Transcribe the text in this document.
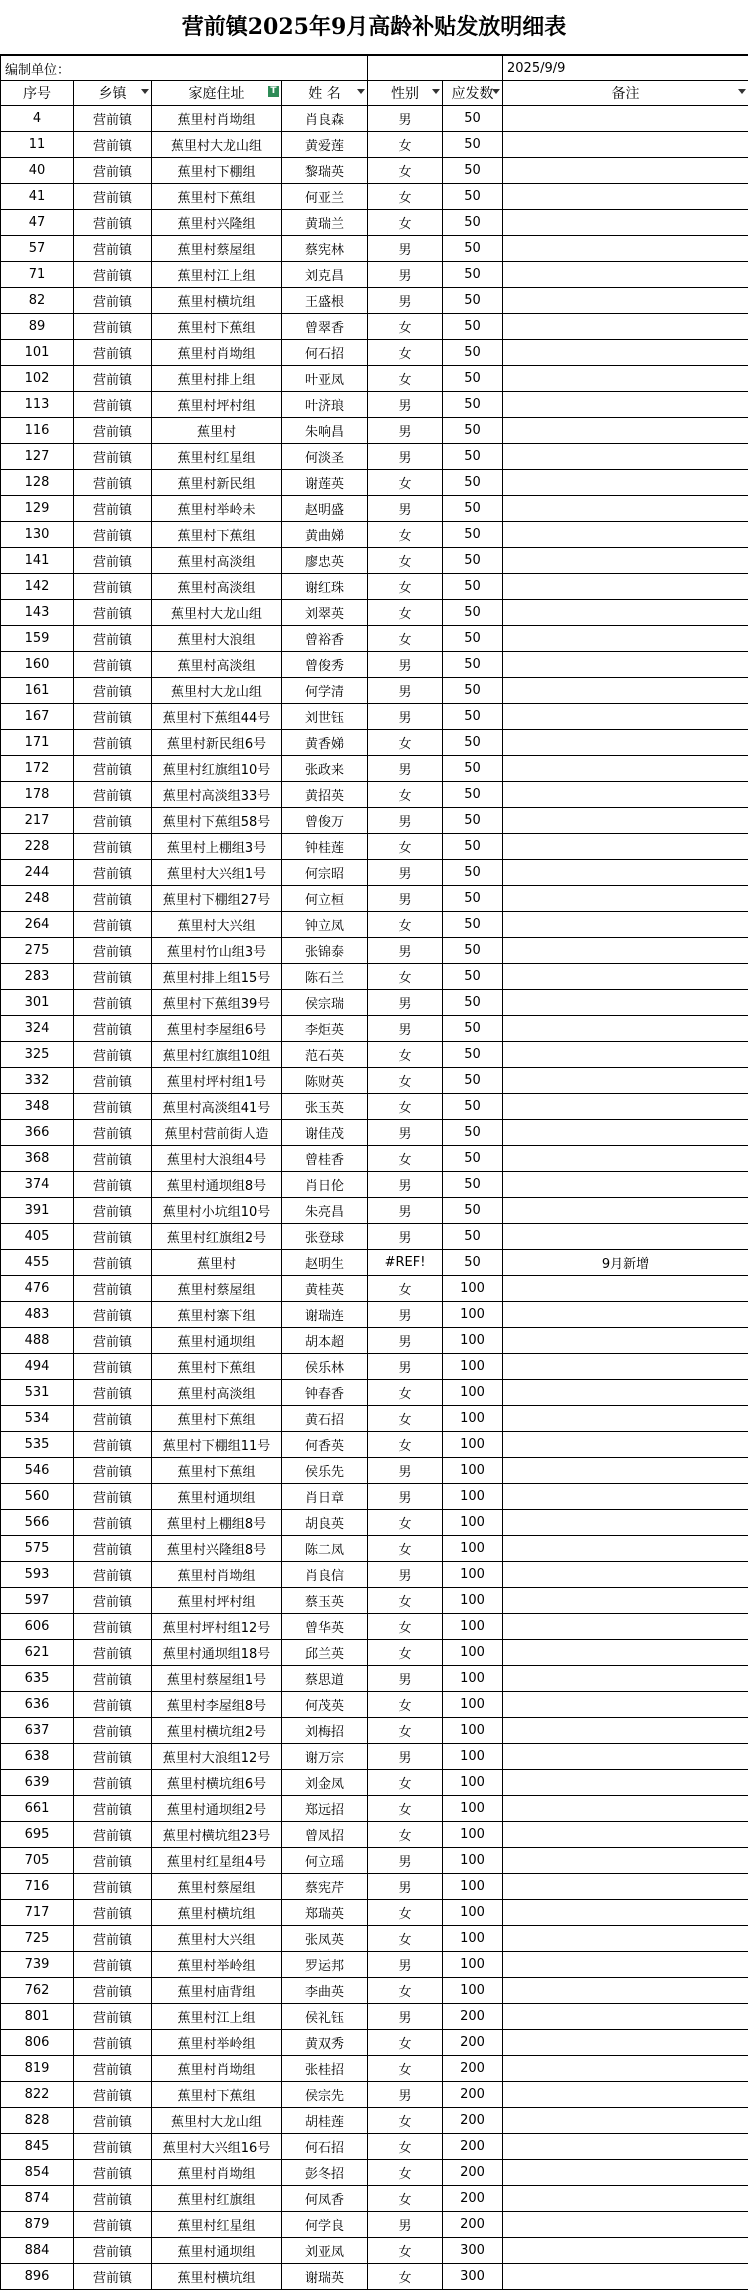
营前镇2025年9月高龄补贴发放明细表
编制单位：						2025/9/9
序号	乡镇	家庭住址 T	姓 名	性别	应发数	备注

4	营前镇	蕉里村肖坳组	肖良森	男	50	
11	营前镇	蕉里村大龙山组	黄爱莲	女	50	
40	营前镇	蕉里村下棚组	黎瑞英	女	50	
41	营前镇	蕉里村下蕉组	何亚兰	女	50	
47	营前镇	蕉里村兴隆组	黄瑞兰	女	50	
57	营前镇	蕉里村蔡屋组	蔡宪林	男	50	
71	营前镇	蕉里村江上组	刘克昌	男	50	
82	营前镇	蕉里村横坑组	王盛根	男	50	
89	营前镇	蕉里村下蕉组	曾翠香	女	50	
101	营前镇	蕉里村肖坳组	何石招	女	50	
102	营前镇	蕉里村排上组	叶亚凤	女	50	
113	营前镇	蕉里村坪村组	叶济琅	男	50	
116	营前镇	蕉里村	朱响昌	男	50	
127	营前镇	蕉里村红星组	何淡圣	男	50	
128	营前镇	蕉里村新民组	谢莲英	女	50	
129	营前镇	蕉里村举岭未	赵明盛	男	50	
130	营前镇	蕉里村下蕉组	黄曲娣	女	50	
141	营前镇	蕉里村高淡组	廖忠英	女	50	
142	营前镇	蕉里村高淡组	谢红珠	女	50	
143	营前镇	蕉里村大龙山组	刘翠英	女	50	
159	营前镇	蕉里村大浪组	曾裕香	女	50	
160	营前镇	蕉里村高淡组	曾俊秀	男	50	
161	营前镇	蕉里村大龙山组	何学清	男	50	
167	营前镇	蕉里村下蕉组44号	刘世钰	男	50	
171	营前镇	蕉里村新民组6号	黄香娣	女	50	
172	营前镇	蕉里村红旗组10号	张政来	男	50	
178	营前镇	蕉里村高淡组33号	黄招英	女	50	
217	营前镇	蕉里村下蕉组58号	曾俊万	男	50	
228	营前镇	蕉里村上棚组3号	钟桂莲	女	50	
244	营前镇	蕉里村大兴组1号	何宗昭	男	50	
248	营前镇	蕉里村下棚组27号	何立桓	男	50	
264	营前镇	蕉里村大兴组	钟立凤	女	50	
275	营前镇	蕉里村竹山组3号	张锦泰	男	50	
283	营前镇	蕉里村排上组15号	陈石兰	女	50	
301	营前镇	蕉里村下蕉组39号	侯宗瑞	男	50	
324	营前镇	蕉里村李屋组6号	李炬英	男	50	
325	营前镇	蕉里村红旗组10组	范石英	女	50	
332	营前镇	蕉里村坪村组1号	陈财英	女	50	
348	营前镇	蕉里村高淡组41号	张玉英	女	50	
366	营前镇	蕉里村营前街人造	谢佳茂	男	50	
368	营前镇	蕉里村大浪组4号	曾桂香	女	50	
374	营前镇	蕉里村通坝组8号	肖日伦	男	50	
391	营前镇	蕉里村小坑组10号	朱亮昌	男	50	
405	营前镇	蕉里村红旗组2号	张登球	男	50	
455	营前镇	蕉里村	赵明生	#REF!	50	9月新增
476	营前镇	蕉里村蔡屋组	黄桂英	女	100	
483	营前镇	蕉里村寨下组	谢瑞连	男	100	
488	营前镇	蕉里村通坝组	胡本超	男	100	
494	营前镇	蕉里村下蕉组	侯乐林	男	100	
531	营前镇	蕉里村高淡组	钟春香	女	100	
534	营前镇	蕉里村下蕉组	黄石招	女	100	
535	营前镇	蕉里村下棚组11号	何香英	女	100	
546	营前镇	蕉里村下蕉组	侯乐先	男	100	
560	营前镇	蕉里村通坝组	肖日章	男	100	
566	营前镇	蕉里村上棚组8号	胡良英	女	100	
575	营前镇	蕉里村兴隆组8号	陈二凤	女	100	
593	营前镇	蕉里村肖坳组	肖良信	男	100	
597	营前镇	蕉里村坪村组	蔡玉英	女	100	
606	营前镇	蕉里村坪村组12号	曾华英	女	100	
621	营前镇	蕉里村通坝组18号	邱兰英	女	100	
635	营前镇	蕉里村蔡屋组1号	蔡思道	男	100	
636	营前镇	蕉里村李屋组8号	何茂英	女	100	
637	营前镇	蕉里村横坑组2号	刘梅招	女	100	
638	营前镇	蕉里村大浪组12号	谢万宗	男	100	
639	营前镇	蕉里村横坑组6号	刘金凤	女	100	
661	营前镇	蕉里村通坝组2号	郑远招	女	100	
695	营前镇	蕉里村横坑组23号	曾凤招	女	100	
705	营前镇	蕉里村红星组4号	何立瑶	男	100	
716	营前镇	蕉里村蔡屋组	蔡宪芹	男	100	
717	营前镇	蕉里村横坑组	郑瑞英	女	100	
725	营前镇	蕉里村大兴组	张凤英	女	100	
739	营前镇	蕉里村举岭组	罗运邦	男	100	
762	营前镇	蕉里村庙背组	李曲英	女	100	
801	营前镇	蕉里村江上组	侯礼钰	男	200	
806	营前镇	蕉里村举岭组	黄双秀	女	200	
819	营前镇	蕉里村肖坳组	张桂招	女	200	
822	营前镇	蕉里村下蕉组	侯宗先	男	200	
828	营前镇	蕉里村大龙山组	胡桂莲	女	200	
845	营前镇	蕉里村大兴组16号	何石招	女	200	
854	营前镇	蕉里村肖坳组	彭冬招	女	200	
874	营前镇	蕉里村红旗组	何凤香	女	200	
879	营前镇	蕉里村红星组	何学良	男	200	
884	营前镇	蕉里村通坝组	刘亚凤	女	300	
896	营前镇	蕉里村横坑组	谢瑞英	女	300	
